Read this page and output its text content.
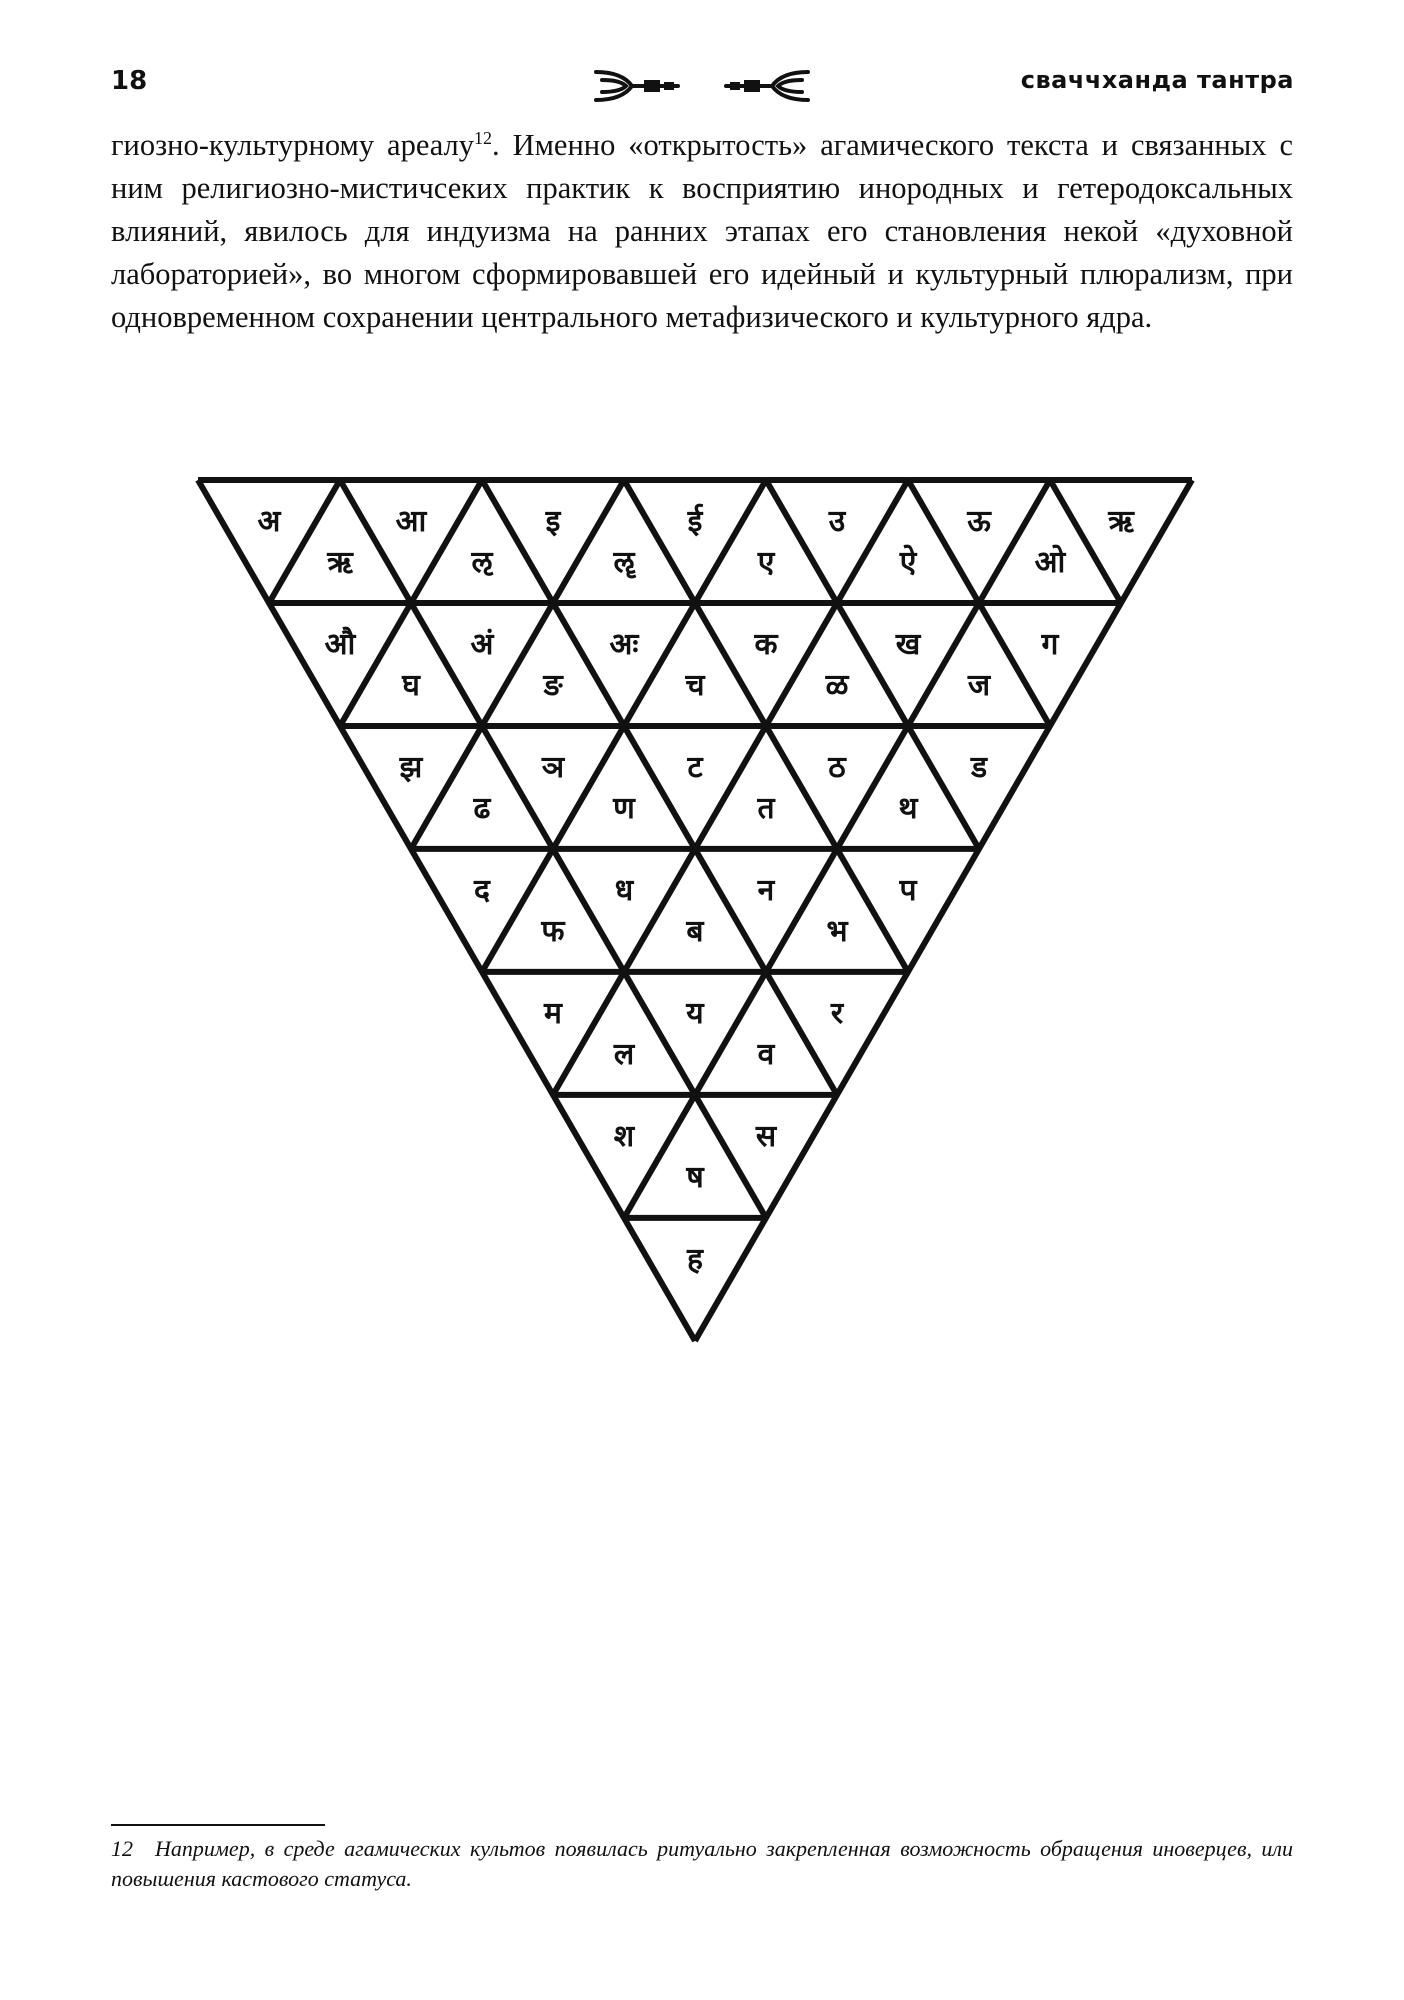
18	сваччханда тантра
гиозно-культурному ареалу$^{12}$. Именно «открытость» агамического текста и связанных с ним религиозно-мистичсеких практик к восприятию инородных и гетеродоксальных влияний, явилось для индуизма на ранних этапах его становления некой «духовной лабораторией», во многом сформировавшей его идейный и культурный плюрализм, при одновременном сохранении центрального метафизического и культурного ядра.
अ
ऋ
आ
ऌ
इ
ॡ
ई
ए
उ
ऐ
ऊ
ओ
ऋ
औ
घ
अं
ङ
अः
च
क
ळ
ख
ज
ग
झ
ढ
ञ
ण
ट
त
ठ
थ
ड
द
फ
ध
ब
न
भ
प
म
ल
य
व
र
श
ष
स
ह
12 Например, в среде агамических культов появилась ритуально закрепленная возможность обращения иноверцев, или повышения кастового статуса.
